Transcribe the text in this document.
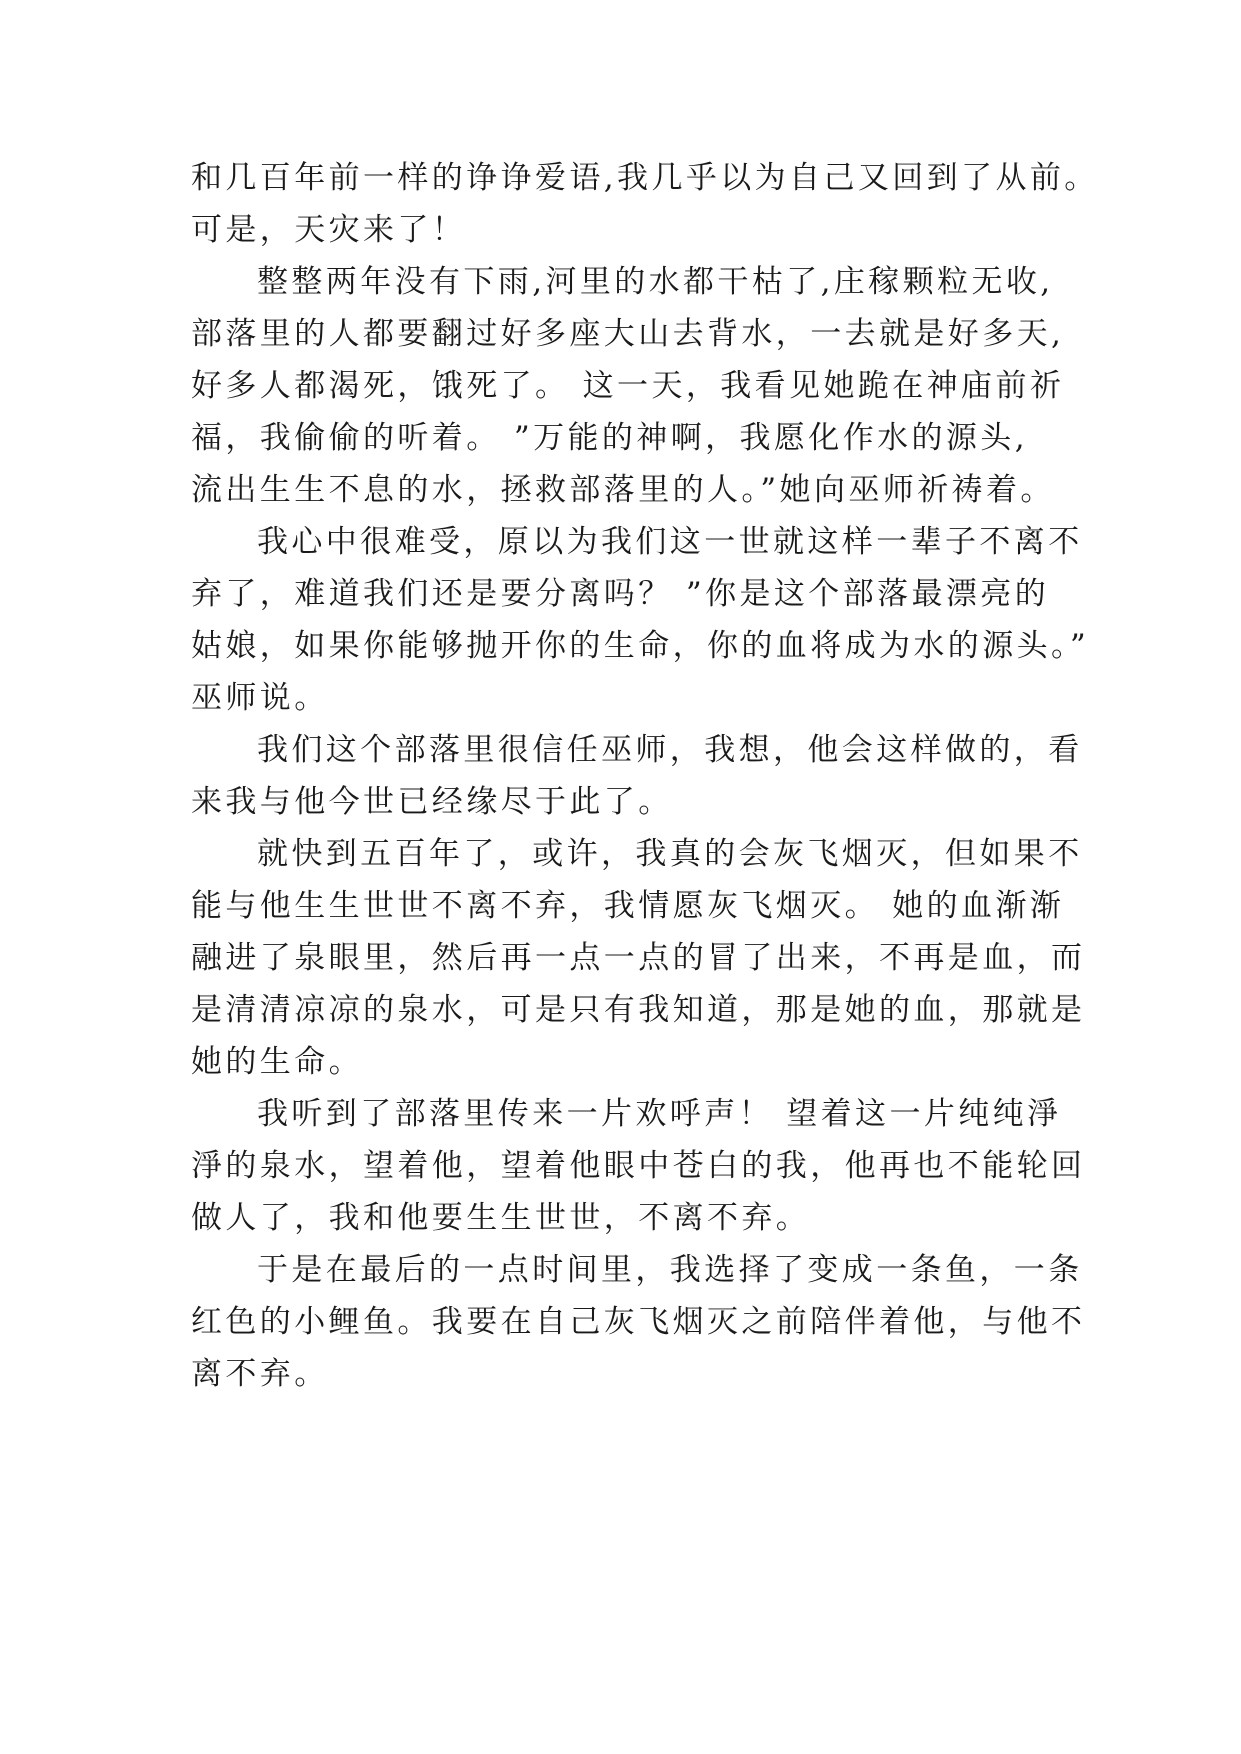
和几百年前一样的诤诤爱语,我几乎以为自己又回到了从前。
可是，天灾来了！
整整两年没有下雨,河里的水都干枯了,庄稼颗粒无收,
部落里的人都要翻过好多座大山去背水，一去就是好多天,
好多人都渴死，饿死了。 这一天，我看见她跪在神庙前祈
福，我偷偷的听着。 ”万能的神啊，我愿化作水的源头,
流出生生不息的水，拯救部落里的人。”她向巫师祈祷着。
我心中很难受，原以为我们这一世就这样一辈子不离不
弃了，难道我们还是要分离吗？ ”你是这个部落最漂亮的
姑娘，如果你能够抛开你的生命，你的血将成为水的源头。”
巫师说。
我们这个部落里很信任巫师，我想，他会这样做的，看
来我与他今世已经缘尽于此了。
就快到五百年了，或许，我真的会灰飞烟灭，但如果不
能与他生生世世不离不弃，我情愿灰飞烟灭。 她的血渐渐
融进了泉眼里，然后再一点一点的冒了出来，不再是血，而
是清清凉凉的泉水，可是只有我知道，那是她的血，那就是
她的生命。
我听到了部落里传来一片欢呼声！ 望着这一片纯纯淨
淨的泉水，望着他，望着他眼中苍白的我，他再也不能轮回
做人了，我和他要生生世世，不离不弃。
于是在最后的一点时间里，我选择了变成一条鱼，一条
红色的小鲤鱼。我要在自己灰飞烟灭之前陪伴着他，与他不
离不弃。
